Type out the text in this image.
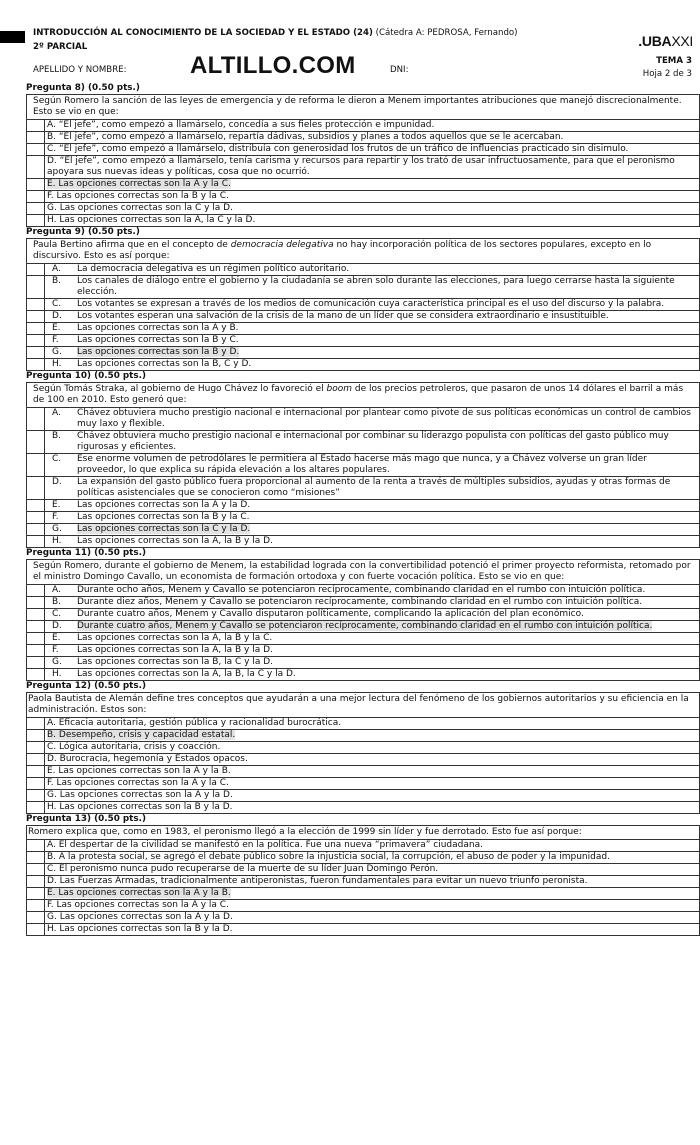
INTRODUCCIÓN AL CONOCIMIENTO DE LA SOCIEDAD Y EL ESTADO (24) (Cátedra A: PEDROSA, Fernando)
2º PARCIAL
APELLIDO Y NOMBRE:	ALTILLO.COM	DNI:
.UBAXXI
TEMA 3
Hoja 2 de 3
Pregunta 8) (0.50 pts.)
Según Romero la sanción de las leyes de emergencia y de reforma le dieron a Menem importantes atribuciones que manejó discrecionalmente. Esto se vio en que:
A. “El jefe”, como empezó a llamárselo, concedía a sus fieles protección e impunidad.
B. “El jefe”, como empezó a llamárselo, repartía dádivas, subsidios y planes a todos aquellos que se le acercaban.
C. “El jefe”, como empezó a llamárselo, distribuía con generosidad los frutos de un tráfico de influencias practicado sin disimulo.
D. “El jefe”, como empezó a llamárselo, tenía carisma y recursos para repartir y los trató de usar infructuosamente, para que el peronismo apoyara sus nuevas ideas y políticas, cosa que no ocurrió.
E. Las opciones correctas son la A y la C.
F. Las opciones correctas son la B y la C.
G. Las opciones correctas son la C y la D.
H. Las opciones correctas son la A, la C y la D.
Pregunta 9) (0.50 pts.)
Paula Bertino afirma que en el concepto de democracia delegativa no hay incorporación política de los sectores populares, excepto en lo discursivo. Esto es así porque:
A.	La democracia delegativa es un régimen político autoritario.
B.	Los canales de diálogo entre el gobierno y la ciudadanía se abren solo durante las elecciones, para luego cerrarse hasta la siguiente elección.
C.	Los votantes se expresan a través de los medios de comunicación cuya característica principal es el uso del discurso y la palabra.
D.	Los votantes esperan una salvación de la crisis de la mano de un líder que se considera extraordinario e insustituible.
E.	Las opciones correctas son la A y B.
F.	Las opciones correctas son la B y C.
G.	Las opciones correctas son la B y D.
H.	Las opciones correctas son la B, C y D.
Pregunta 10) (0.50 pts.)
Según Tomás Straka, al gobierno de Hugo Chávez lo favoreció el boom de los precios petroleros, que pasaron de unos 14 dólares el barril a más de 100 en 2010. Esto generó que:
A.	Chávez obtuviera mucho prestigio nacional e internacional por plantear como pivote de sus políticas económicas un control de cambios muy laxo y flexible.
B.	Chávez obtuviera mucho prestigio nacional e internacional por combinar su liderazgo populista con políticas del gasto público muy rigurosas y eficientes.
C.	Ese enorme volumen de petrodólares le permitiera al Estado hacerse más mago que nunca, y a Chávez volverse un gran líder proveedor, lo que explica su rápida elevación a los altares populares.
D.	La expansión del gasto público fuera proporcional al aumento de la renta a través de múltiples subsidios, ayudas y otras formas de políticas asistenciales que se conocieron como “misiones”
E.	Las opciones correctas son la A y la D.
F.	Las opciones correctas son la B y la C.
G.	Las opciones correctas son la C y la D.
H.	Las opciones correctas son la A, la B y la D.
Pregunta 11) (0.50 pts.)
Según Romero, durante el gobierno de Menem, la estabilidad lograda con la convertibilidad potenció el primer proyecto reformista, retomado por el ministro Domingo Cavallo, un economista de formación ortodoxa y con fuerte vocación política. Esto se vio en que:
A.	Durante ocho años, Menem y Cavallo se potenciaron recíprocamente, combinando claridad en el rumbo con intuición política.
B.	Durante diez años, Menem y Cavallo se potenciaron recíprocamente, combinando claridad en el rumbo con intuición política.
C.	Durante cuatro años, Menem y Cavallo disputaron políticamente, complicando la aplicación del plan económico.
D.	Durante cuatro años, Menem y Cavallo se potenciaron recíprocamente, combinando claridad en el rumbo con intuición política.
E.	Las opciones correctas son la A, la B y la C.
F.	Las opciones correctas son la A, la B y la D.
G.	Las opciones correctas son la B, la C y la D.
H.	Las opciones correctas son la A, la B, la C y la D.
Pregunta 12) (0.50 pts.)
Paola Bautista de Alemán define tres conceptos que ayudarán a una mejor lectura del fenómeno de los gobiernos autoritarios y su eficiencia en la administración. Estos son:
A. Eficacia autoritaria, gestión pública y racionalidad burocrática.
B. Desempeño, crisis y capacidad estatal.
C. Lógica autoritaria, crisis y coacción.
D. Burocracia, hegemonía y Estados opacos.
E. Las opciones correctas son la A y la B.
F. Las opciones correctas son la A y la C.
G. Las opciones correctas son la A y la D.
H. Las opciones correctas son la B y la D.
Pregunta 13) (0.50 pts.)
Romero explica que, como en 1983, el peronismo llegó a la elección de 1999 sin líder y fue derrotado. Esto fue así porque:
A. El despertar de la civilidad se manifestó en la política. Fue una nueva “primavera” ciudadana.
B. A la protesta social, se agregó el debate público sobre la injusticia social, la corrupción, el abuso de poder y la impunidad.
C. El peronismo nunca pudo recuperarse de la muerte de su líder Juan Domingo Perón.
D. Las Fuerzas Armadas, tradicionalmente antiperonistas, fueron fundamentales para evitar un nuevo triunfo peronista.
E. Las opciones correctas son la A y la B.
F. Las opciones correctas son la A y la C.
G. Las opciones correctas son la A y la D.
H. Las opciones correctas son la B y la D.
